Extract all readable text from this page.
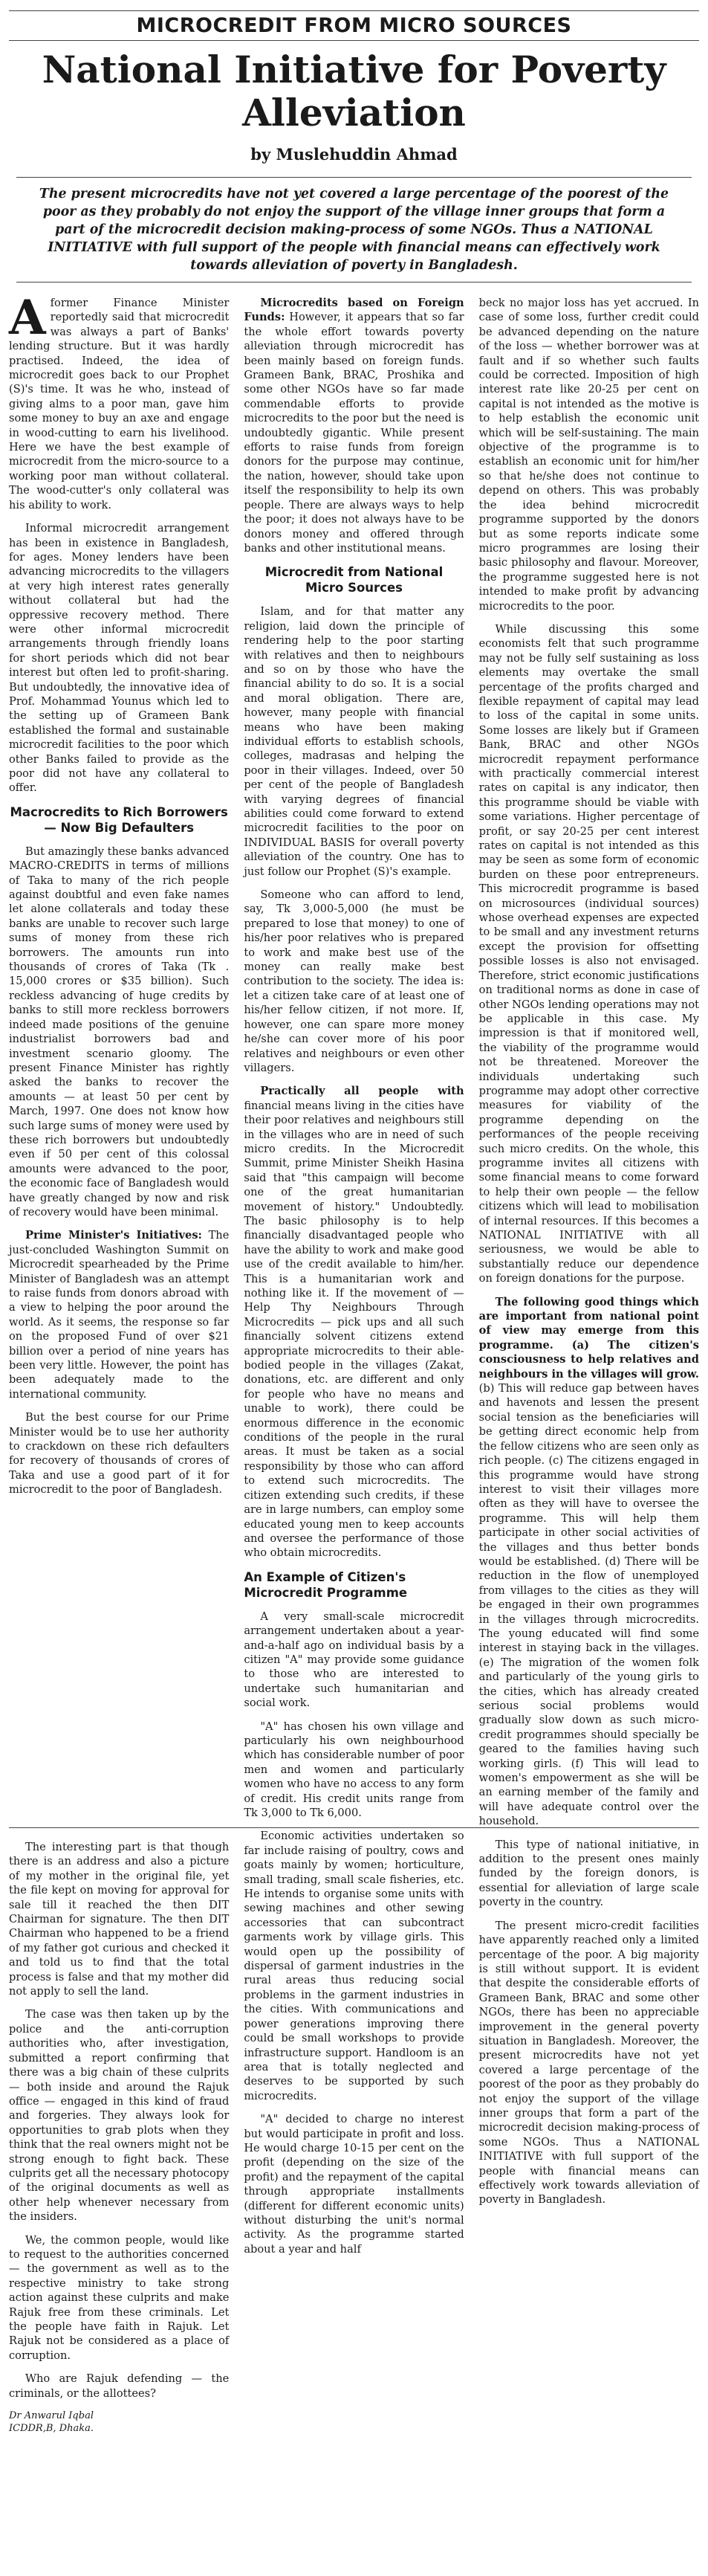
MICROCREDIT FROM MICRO SOURCES
National Initiative for Poverty Alleviation
by Muslehuddin Ahmad
The present microcredits have not yet covered a large percentage of the poorest of the poor as they probably do not enjoy the support of the village inner groups that form a part of the microcredit decision making-process of some NGOs. Thus a NATIONAL INITIATIVE with full support of the people with financial means can effectively work towards alleviation of poverty in Bangladesh.

Aformer Finance Minister reportedly said that microcredit was always a part of Banks' lending structure. But it was hardly practised. Indeed, the idea of microcredit goes back to our Prophet (S)'s time. It was he who, instead of giving alms to a poor man, gave him some money to buy an axe and engage in wood-cutting to earn his livelihood. Here we have the best example of microcredit from the micro-source to a working poor man without collateral. The wood-cutter's only collateral was his ability to work.

Informal microcredit arrangement has been in existence in Bangladesh, for ages. Money lenders have been advancing microcredits to the villagers at very high interest rates generally without collateral but had the oppressive recovery method. There were other informal microcredit arrangements through friendly loans for short periods which did not bear interest but often led to profit-sharing. But undoubtedly, the innovative idea of Prof. Mohammad Younus which led to the setting up of Grameen Bank established the formal and sustainable microcredit facilities to the poor which other Banks failed to provide as the poor did not have any collateral to offer.

Macrocredits to Rich Borrowers — Now Big Defaulters

But amazingly these banks advanced MACRO-CREDITS in terms of millions of Taka to many of the rich people against doubtful and even fake names let alone collaterals and today these banks are unable to recover such large sums of money from these rich borrowers. The amounts run into thousands of crores of Taka (Tk . 15,000 crores or $35 billion). Such reckless advancing of huge credits by banks to still more reckless borrowers indeed made positions of the genuine industrialist borrowers bad and investment scenario gloomy. The present Finance Minister has rightly asked the banks to recover the amounts — at least 50 per cent by March, 1997. One does not know how such large sums of money were used by these rich borrowers but undoubtedly even if 50 per cent of this colossal amounts were advanced to the poor, the economic face of Bangladesh would have greatly changed by now and risk of recovery would have been minimal.

Prime Minister's Initiatives: The just-concluded Washington Summit on Microcredit spearheaded by the Prime Minister of Bangladesh was an attempt to raise funds from donors abroad with a view to helping the poor around the world. As it seems, the response so far on the proposed Fund of over $21 billion over a period of nine years has been very little. However, the point has been adequately made to the international community.

But the best course for our Prime Minister would be to use her authority to crackdown on these rich defaulters for recovery of thousands of crores of Taka and use a good part of it for microcredit to the poor of Bangladesh.

Microcredits based on Foreign Funds: However, it appears that so far the whole effort towards poverty alleviation through microcredit has been mainly based on foreign funds. Grameen Bank, BRAC, Proshika and some other NGOs have so far made commendable efforts to provide microcredits to the poor but the need is undoubtedly gigantic. While present efforts to raise funds from foreign donors for the purpose may continue, the nation, however, should take upon itself the responsibility to help its own people. There are always ways to help the poor; it does not always have to be donors money and offered through banks and other institutional means.

Microcredit from National Micro Sources

Islam, and for that matter any religion, laid down the principle of rendering help to the poor starting with relatives and then to neighbours and so on by those who have the financial ability to do so. It is a social and moral obligation. There are, however, many people with financial means who have been making individual efforts to establish schools, colleges, madrasas and helping the poor in their villages. Indeed, over 50 per cent of the people of Bangladesh with varying degrees of financial abilities could come forward to extend microcredit facilities to the poor on INDIVIDUAL BASIS for overall poverty alleviation of the country. One has to just follow our Prophet (S)'s example.

Someone who can afford to lend, say, Tk 3,000-5,000 (he must be prepared to lose that money) to one of his/her poor relatives who is prepared to work and make best use of the money can really make best contribution to the society. The idea is: let a citizen take care of at least one of his/her fellow citizen, if not more. If, however, one can spare more money he/she can cover more of his poor relatives and neighbours or even other villagers.

Practically all people with financial means living in the cities have their poor relatives and neighbours still in the villages who are in need of such micro credits. In the Microcredit Summit, prime Minister Sheikh Hasina said that "this campaign will become one of the great humanitarian movement of history." Undoubtedly. The basic philosophy is to help financially disadvantaged people who have the ability to work and make good use of the credit available to him/her. This is a humanitarian work and nothing like it. If the movement of — Help Thy Neighbours Through Microcredits — pick ups and all such financially solvent citizens extend appropriate microcredits to their able-bodied people in the villages (Zakat, donations, etc. are different and only for people who have no means and unable to work), there could be enormous difference in the economic conditions of the people in the rural areas. It must be taken as a social responsibility by those who can afford to extend such microcredits. The citizen extending such credits, if these are in large numbers, can employ some educated young men to keep accounts and oversee the performance of those who obtain microcredits.

An Example of Citizen's Microcredit Programme

A very small-scale microcredit arrangement undertaken about a year-and-a-half ago on individual basis by a citizen "A" may provide some guidance to those who are interested to undertake such humanitarian and social work.

"A" has chosen his own village and particularly his own neighbourhood which has considerable number of poor men and women and particularly women who have no access to any form of credit. His credit units range from Tk 3,000 to Tk 6,000.

Economic activities undertaken so far include raising of poultry, cows and goats mainly by women; horticulture, small trading, small scale fisheries, etc. He intends to organise some units with sewing machines and other sewing accessories that can subcontract garments work by village girls. This would open up the possibility of dispersal of garment industries in the rural areas thus reducing social problems in the garment industries in the cities. With communications and power generations improving there could be small workshops to provide infrastructure support. Handloom is an area that is totally neglected and deserves to be supported by such microcredits.

"A" decided to charge no interest but would participate in profit and loss. He would charge 10-15 per cent on the profit (depending on the size of the profit) and the repayment of the capital through appropriate installments (different for different economic units) without disturbing the unit's normal activity. As the programme started about a year and half

beck no major loss has yet accrued. In case of some loss, further credit could be advanced depending on the nature of the loss — whether borrower was at fault and if so whether such faults could be corrected. Imposition of high interest rate like 20-25 per cent on capital is not intended as the motive is to help establish the economic unit which will be self-sustaining. The main objective of the programme is to establish an economic unit for him/her so that he/she does not continue to depend on others. This was probably the idea behind microcredit programme supported by the donors but as some reports indicate some micro programmes are losing their basic philosophy and flavour. Moreover, the programme suggested here is not intended to make profit by advancing microcredits to the poor.

While discussing this some economists felt that such programme may not be fully self sustaining as loss elements may overtake the small percentage of the profits charged and flexible repayment of capital may lead to loss of the capital in some units. Some losses are likely but if Grameen Bank, BRAC and other NGOs microcredit repayment performance with practically commercial interest rates on capital is any indicator, then this programme should be viable with some variations. Higher percentage of profit, or say 20-25 per cent interest rates on capital is not intended as this may be seen as some form of economic burden on these poor entrepreneurs. This microcredit programme is based on microsources (individual sources) whose overhead expenses are expected to be small and any investment returns except the provision for offsetting possible losses is also not envisaged. Therefore, strict economic justifications on traditional norms as done in case of other NGOs lending operations may not be applicable in this case. My impression is that if monitored well, the viability of the programme would not be threatened. Moreover the individuals undertaking such programme may adopt other corrective measures for viability of the programme depending on the performances of the people receiving such micro credits. On the whole, this programme invites all citizens with some financial means to come forward to help their own people — the fellow citizens which will lead to mobilisation of internal resources. If this becomes a NATIONAL INITIATIVE with all seriousness, we would be able to substantially reduce our dependence on foreign donations for the purpose.

The following good things which are important from national point of view may emerge from this programme. (a) The citizen's consciousness to help relatives and neighbours in the villages will grow. (b) This will reduce gap between haves and havenots and lessen the present social tension as the beneficiaries will be getting direct economic help from the fellow citizens who are seen only as rich people. (c) The citizens engaged in this programme would have strong interest to visit their villages more often as they will have to oversee the programme. This will help them participate in other social activities of the villages and thus better bonds would be established. (d) There will be reduction in the flow of unemployed from villages to the cities as they will be engaged in their own programmes in the villages through microcredits. The young educated will find some interest in staying back in the villages. (e) The migration of the women folk and particularly of the young girls to the cities, which has already created serious social problems would gradually slow down as such micro-credit programmes should specially be geared to the families having such working girls. (f) This will lead to women's empowerment as she will be an earning member of the family and will have adequate control over the household.

This type of national initiative, in addition to the present ones mainly funded by the foreign donors, is essential for alleviation of large scale poverty in the country.

The present micro-credit facilities have apparently reached only a limited percentage of the poor. A big majority is still without support. It is evident that despite the considerable efforts of Grameen Bank, BRAC and some other NGOs, there has been no appreciable improvement in the general poverty situation in Bangladesh. Moreover, the present microcredits have not yet covered a large percentage of the poorest of the poor as they probably do not enjoy the support of the village inner groups that form a part of the microcredit decision making-process of some NGOs. Thus a NATIONAL INITIATIVE with full support of the people with financial means can effectively work towards alleviation of poverty in Bangladesh.

The interesting part is that though there is an address and also a picture of my mother in the original file, yet the file kept on moving for approval for sale till it reached the then DIT Chairman for signature. The then DIT Chairman who happened to be a friend of my father got curious and checked it and told us to find that the total process is false and that my mother did not apply to sell the land.

The case was then taken up by the police and the anti-corruption authorities who, after investigation, submitted a report confirming that there was a big chain of these culprits — both inside and around the Rajuk office — engaged in this kind of fraud and forgeries. They always look for opportunities to grab plots when they think that the real owners might not be strong enough to fight back. These culprits get all the necessary photocopy of the original documents as well as other help whenever necessary from the insiders.

We, the common people, would like to request to the authorities concerned — the government as well as to the respective ministry to take strong action against these culprits and make Rajuk free from these criminals. Let the people have faith in Rajuk. Let Rajuk not be considered as a place of corruption.

Who are Rajuk defending — the criminals, or the allottees?

Dr Anwarul Iqbal
ICDDR,B, Dhaka.
